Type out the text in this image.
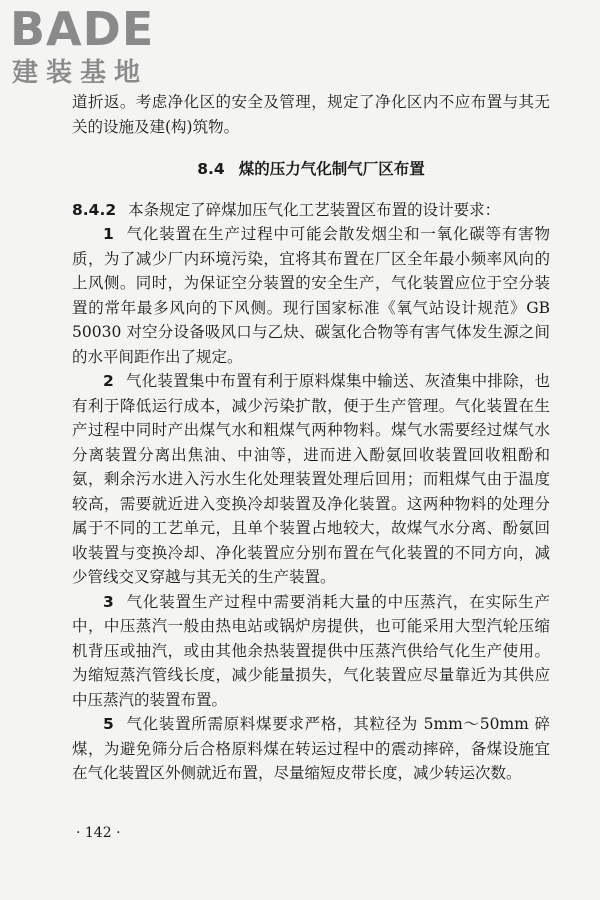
BADE
建装基地

道折返。考虑净化区的安全及管理，规定了净化区内不应布置与其无关的设施及建(构)筑物。

8.4 煤的压力气化制气厂区布置

8.4.2 本条规定了碎煤加压气化工艺装置区布置的设计要求：

1 气化装置在生产过程中可能会散发烟尘和一氧化碳等有害物质，为了减少厂内环境污染，宜将其布置在厂区全年最小频率风向的上风侧。同时，为保证空分装置的安全生产，气化装置应位于空分装置的常年最多风向的下风侧。现行国家标准《氧气站设计规范》GB 50030 对空分设备吸风口与乙炔、碳氢化合物等有害气体发生源之间的水平间距作出了规定。

2 气化装置集中布置有利于原料煤集中输送、灰渣集中排除，也有利于降低运行成本，减少污染扩散，便于生产管理。气化装置在生产过程中同时产出煤气水和粗煤气两种物料。煤气水需要经过煤气水分离装置分离出焦油、中油等，进而进入酚氨回收装置回收粗酚和氨，剩余污水进入污水生化处理装置处理后回用；而粗煤气由于温度较高，需要就近进入变换冷却装置及净化装置。这两种物料的处理分属于不同的工艺单元，且单个装置占地较大，故煤气水分离、酚氨回收装置与变换冷却、净化装置应分别布置在气化装置的不同方向，减少管线交叉穿越与其无关的生产装置。

3 气化装置生产过程中需要消耗大量的中压蒸汽，在实际生产中，中压蒸汽一般由热电站或锅炉房提供，也可能采用大型汽轮压缩机背压或抽汽，或由其他余热装置提供中压蒸汽供给气化生产使用。为缩短蒸汽管线长度，减少能量损失，气化装置应尽量靠近为其供应中压蒸汽的装置布置。

5 气化装置所需原料煤要求严格，其粒径为 5mm～50mm 碎煤，为避免筛分后合格原料煤在转运过程中的震动摔碎，备煤设施宜在气化装置区外侧就近布置，尽量缩短皮带长度，减少转运次数。

· 142 ·
